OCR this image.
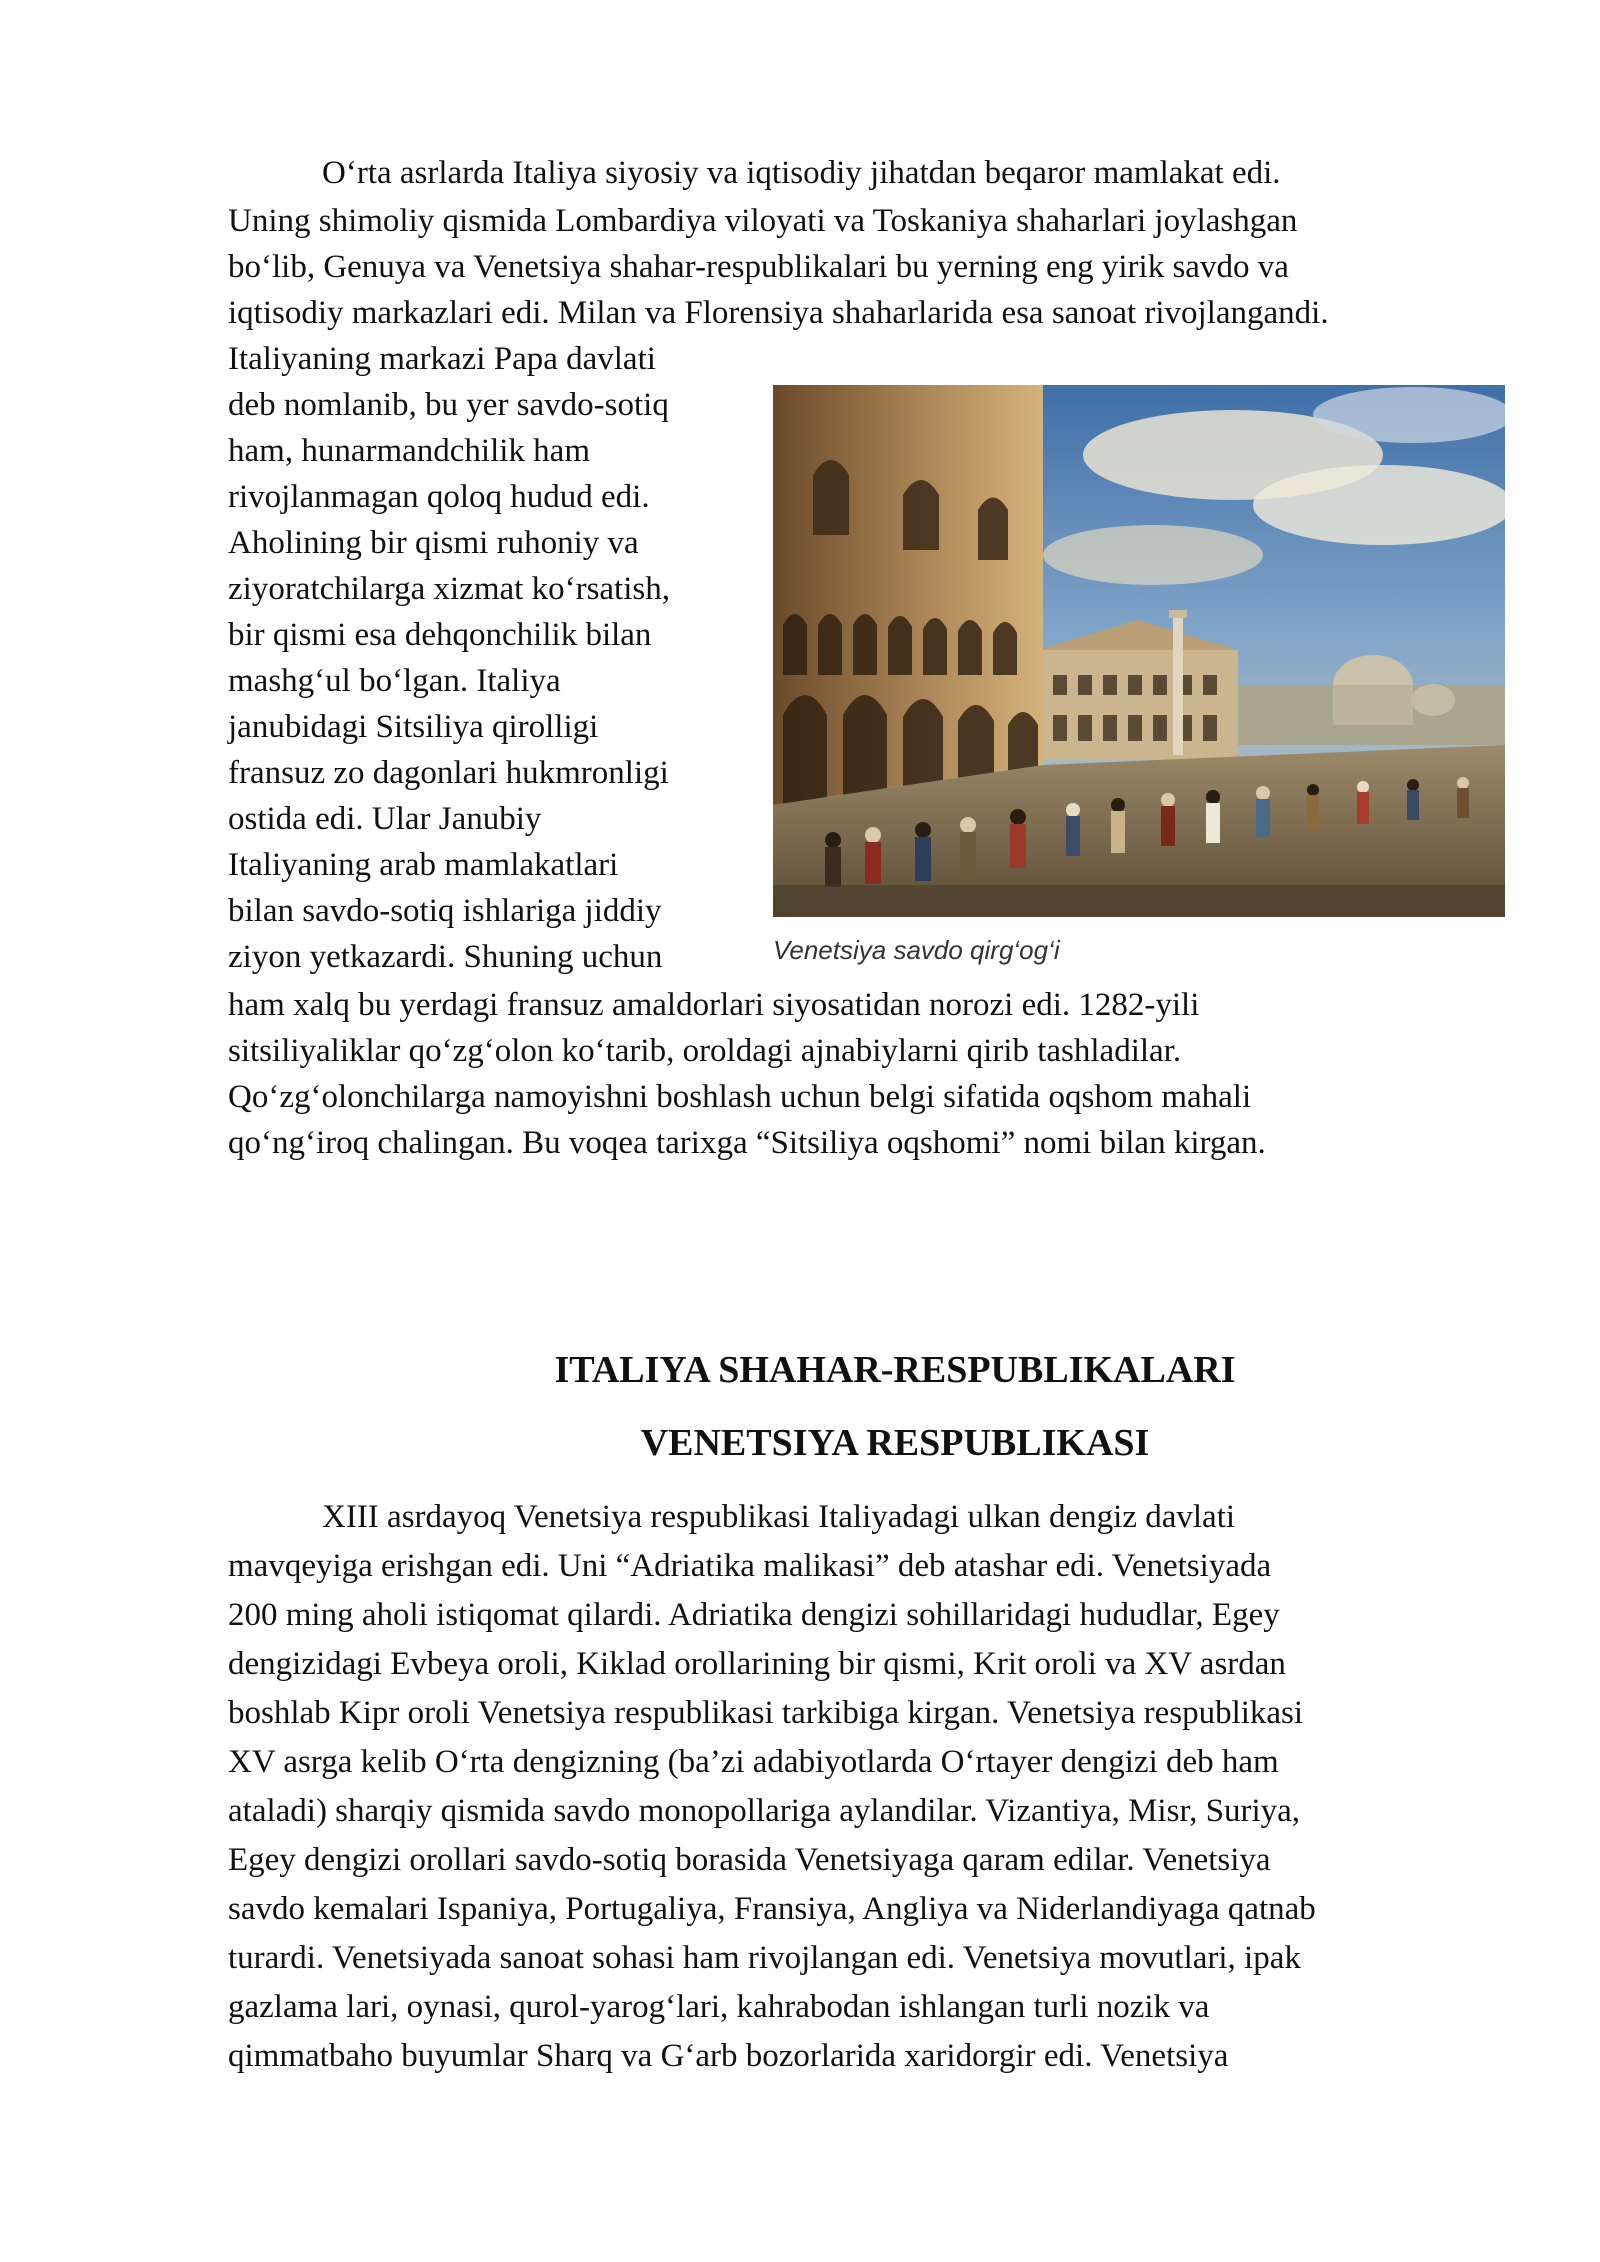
O‘rta asrlarda Italiya siyosiy va iqtisodiy jihatdan beqaror mamlakat edi.
Uning shimoliy qismida Lombardiya viloyati va Toskaniya shaharlari joylashgan
bo‘lib, Genuya va Venetsiya shahar-respublikalari bu yerning eng yirik savdo va
iqtisodiy markazlari edi. Milan va Florensiya shaharlarida esa sanoat rivojlangandi.
Italiyaning markazi Papa davlati
deb nomlanib, bu yer savdo-sotiq
ham, hunarmandchilik ham
rivojlanmagan qoloq hudud edi.
Aholining bir qismi ruhoniy va
ziyoratchilarga xizmat ko‘rsatish,
bir qismi esa dehqonchilik bilan
mashg‘ul bo‘lgan. Italiya
janubidagi Sitsiliya qirolligi
fransuz zo dagonlari hukmronligi
ostida edi. Ular Janubiy
Italiyaning arab mamlakatlari
bilan savdo-sotiq ishlariga jiddiy
ziyon yetkazardi. Shuning uchun
ham xalq bu yerdagi fransuz amaldorlari siyosatidan norozi edi. 1282-yili
sitsiliyaliklar qo‘zg‘olon ko‘tarib, oroldagi ajnabiylarni qirib tashladilar.
Qo‘zg‘olonchilarga namoyishni boshlash uchun belgi sifatida oqshom mahali
qo‘ng‘iroq chalingan. Bu voqea tarixga “Sitsiliya oqshomi” nomi bilan kirgan.
Venetsiya savdo qirg‘og‘i
ITALIYA SHAHAR-RESPUBLIKALARI
VENETSIYA RESPUBLIKASI
XIII asrdayoq Venetsiya respublikasi Italiyadagi ulkan dengiz davlati
mavqeyiga erishgan edi. Uni “Adriatika malikasi” deb atashar edi. Venetsiyada
200 ming aholi istiqomat qilardi. Adriatika dengizi sohillaridagi hududlar, Egey
dengizidagi Evbeya oroli, Kiklad orollarining bir qismi, Krit oroli va XV asrdan
boshlab Kipr oroli Venetsiya respublikasi tarkibiga kirgan. Venetsiya respublikasi
XV asrga kelib O‘rta dengizning (ba’zi adabiyotlarda O‘rtayer dengizi deb ham
ataladi) sharqiy qismida savdo monopollariga aylandilar. Vizantiya, Misr, Suriya,
Egey dengizi orollari savdo-sotiq borasida Venetsiyaga qaram edilar. Venetsiya
savdo kemalari Ispaniya, Portugaliya, Fransiya, Angliya va Niderlandiyaga qatnab
turardi. Venetsiyada sanoat sohasi ham rivojlangan edi. Venetsiya movutlari, ipak
gazlama lari, oynasi, qurol-yarog‘lari, kahrabodan ishlangan turli nozik va
qimmatbaho buyumlar Sharq va G‘arb bozorlarida xaridorgir edi. Venetsiya
